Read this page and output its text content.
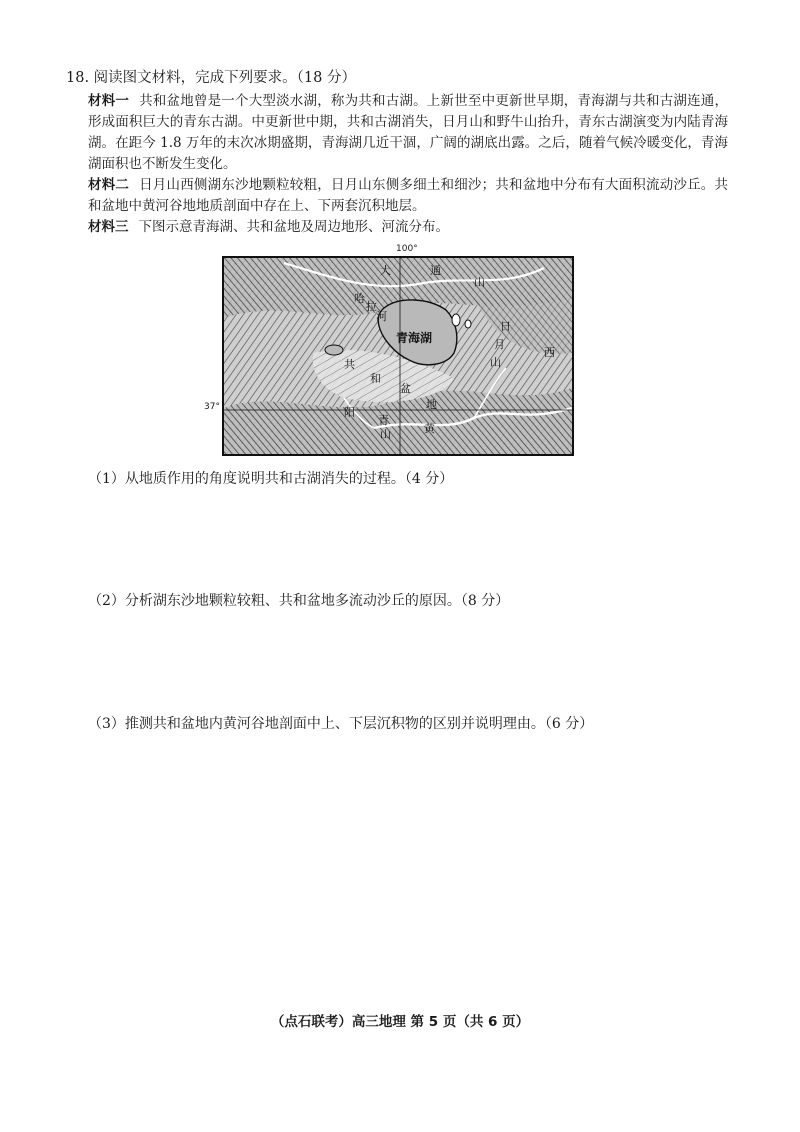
18. 阅读图文材料，完成下列要求。（18 分）
材料一 共和盆地曾是一个大型淡水湖，称为共和古湖。上新世至中更新世早期，青海湖与共和古湖连通，形成面积巨大的青东古湖。中更新世中期，共和古湖消失，日月山和野牛山抬升，青东古湖演变为内陆青海湖。在距今 1.8 万年的末次冰期盛期，青海湖几近干涸，广阔的湖底出露。之后，随着气候冷暖变化，青海湖面积也不断发生变化。
材料二 日月山西侧湖东沙地颗粒较粗，日月山东侧多细土和细沙；共和盆地中分布有大面积流动沙丘。共和盆地中黄河谷地地质剖面中存在上、下两套沉积地层。
材料三 下图示意青海湖、共和盆地及周边地形、河流分布。
100°
37°
青海湖
大	通
山
哈
拉
河
日
月
山
共
和
盆
地
黄
西
青
山
阳
（1）从地质作用的角度说明共和古湖消失的过程。（4 分）
（2）分析湖东沙地颗粒较粗、共和盆地多流动沙丘的原因。（8 分）
（3）推测共和盆地内黄河谷地剖面中上、下层沉积物的区别并说明理由。（6 分）
（点石联考）高三地理 第 5 页（共 6 页）
